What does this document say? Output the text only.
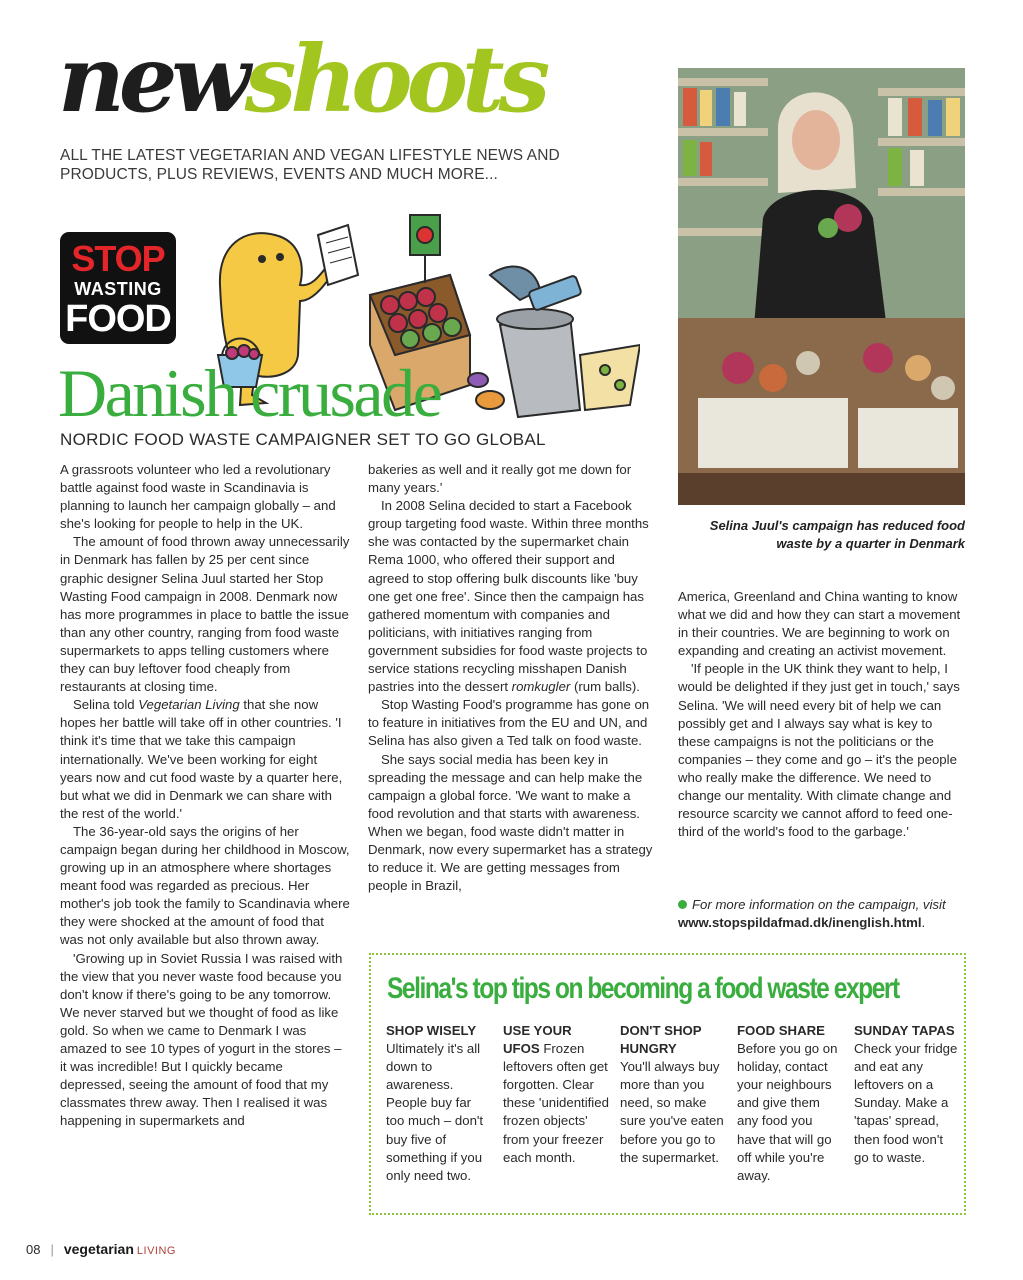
newshoots
ALL THE LATEST VEGETARIAN AND VEGAN LIFESTYLE NEWS AND PRODUCTS, PLUS REVIEWS, EVENTS AND MUCH MORE...
STOP
WASTING
FOOD
Selina Juul's campaign has reduced food waste by a quarter in Denmark
Danish crusade
NORDIC FOOD WASTE CAMPAIGNER SET TO GO GLOBAL

A grassroots volunteer who led a revolutionary battle against food waste in Scandinavia is planning to launch her campaign globally – and she's looking for people to help in the UK.

The amount of food thrown away unnecessarily in Denmark has fallen by 25 per cent since graphic designer Selina Juul started her Stop Wasting Food campaign in 2008. Denmark now has more programmes in place to battle the issue than any other country, ranging from food waste supermarkets to apps telling customers where they can buy leftover food cheaply from restaurants at closing time.

Selina told Vegetarian Living that she now hopes her battle will take off in other countries. 'I think it's time that we take this campaign internationally. We've been working for eight years now and cut food waste by a quarter here, but what we did in Denmark we can share with the rest of the world.'

The 36-year-old says the origins of her campaign began during her childhood in Moscow, growing up in an atmosphere where shortages meant food was regarded as precious. Her mother's job took the family to Scandinavia where they were shocked at the amount of food that was not only available but also thrown away.

'Growing up in Soviet Russia I was raised with the view that you never waste food because you don't know if there's going to be any tomorrow. We never starved but we thought of food as like gold. So when we came to Denmark I was amazed to see 10 types of yogurt in the stores – it was incredible! But I quickly became depressed, seeing the amount of food that my classmates threw away. Then I realised it was happening in supermarkets and

bakeries as well and it really got me down for many years.'

In 2008 Selina decided to start a Facebook group targeting food waste. Within three months she was contacted by the supermarket chain Rema 1000, who offered their support and agreed to stop offering bulk discounts like 'buy one get one free'. Since then the campaign has gathered momentum with companies and politicians, with initiatives ranging from government subsidies for food waste projects to service stations recycling misshapen Danish pastries into the dessert romkugler (rum balls).

Stop Wasting Food's programme has gone on to feature in initiatives from the EU and UN, and Selina has also given a Ted talk on food waste.

She says social media has been key in spreading the message and can help make the campaign a global force. 'We want to make a food revolution and that starts with awareness. When we began, food waste didn't matter in Denmark, now every supermarket has a strategy to reduce it. We are getting messages from people in Brazil,

America, Greenland and China wanting to know what we did and how they can start a movement in their countries. We are beginning to work on expanding and creating an activist movement.

'If people in the UK think they want to help, I would be delighted if they just get in touch,' says Selina. 'We will need every bit of help we can possibly get and I always say what is key to these campaigns is not the politicians or the companies – they come and go – it's the people who really make the difference. We need to change our mentality. With climate change and resource scarcity we cannot afford to feed one-third of the world's food to the garbage.'

For more information on the campaign, visit www.stopspildafmad.dk/inenglish.html.
Selina's top tips on becoming a food waste expert
SHOP WISELY
Ultimately it's all down to awareness. People buy far too much – don't buy five of something if you only need two.
USE YOUR UFOS Frozen leftovers often get forgotten. Clear these 'unidentified frozen objects' from your freezer each month.
DON'T SHOP HUNGRY
You'll always buy more than you need, so make sure you've eaten before you go to the supermarket.
FOOD SHARE
Before you go on holiday, contact your neighbours and give them any food you have that will go off while you're away.
SUNDAY TAPAS Check your fridge and eat any leftovers on a Sunday. Make a 'tapas' spread, then food won't go to waste.
08 | vegetarian LIVING
